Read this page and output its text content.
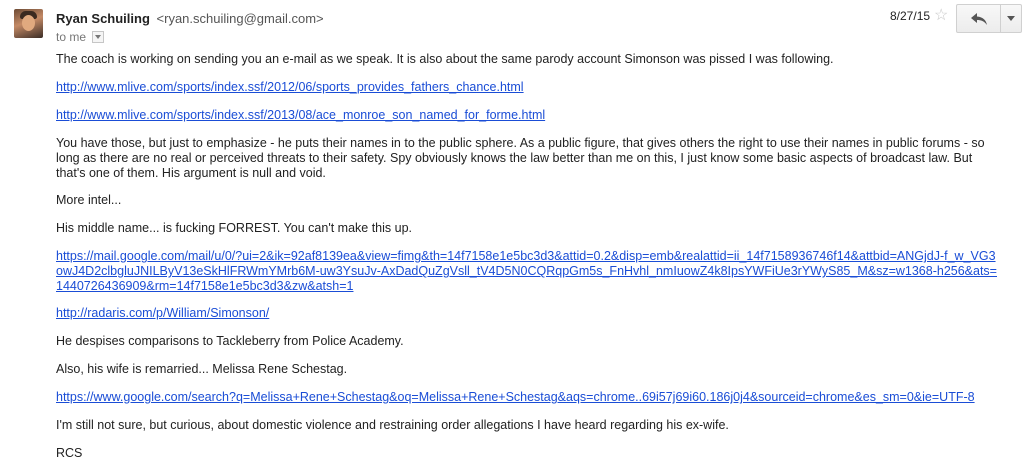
Ryan Schuiling <ryan.schuiling@gmail.com>
to me
8/27/15 ☆

The coach is working on sending you an e-mail as we speak. It is also about the same parody account Simonson was pissed I was following.

http://www.mlive.com/sports/index.ssf/2012/06/sports_provides_fathers_chance.html

http://www.mlive.com/sports/index.ssf/2013/08/ace_monroe_son_named_for_forme.html

You have those, but just to emphasize - he puts their names in to the public sphere. As a public figure, that gives others the right to use their names in public forums - so long as there are no real or perceived threats to their safety. Spy obviously knows the law better than me on this, I just know some basic aspects of broadcast law. But that's one of them. His argument is null and void.

More intel...

His middle name... is fucking FORREST. You can't make this up.

https://mail.google.com/mail/u/0/?ui=2&ik=92af8139ea&view=fimg&th=14f7158e1e5bc3d3&attid=0.2&disp=emb&realattid=ii_14f7158936746f14&attbid=ANGjdJ-f_w_VG3owJ4D2clbgluJNILByV13eSkHlFRWmYMrb6M-uw3YsuJv-AxDadQuZgVsll_tV4D5N0CQRqpGm5s_FnHvhl_nmIuowZ4k8IpsYWFiUe3rYWyS85_M&sz=w1368-h256&ats=1440726436909&rm=14f7158e1e5bc3d3&zw&atsh=1

http://radaris.com/p/William/Simonson/

He despises comparisons to Tackleberry from Police Academy.

Also, his wife is remarried... Melissa Rene Schestag.

https://www.google.com/search?q=Melissa+Rene+Schestag&oq=Melissa+Rene+Schestag&aqs=chrome..69i57j69i60.186j0j4&sourceid=chrome&es_sm=0&ie=UTF-8

I'm still not sure, but curious, about domestic violence and restraining order allegations I have heard regarding his ex-wife.

RCS
